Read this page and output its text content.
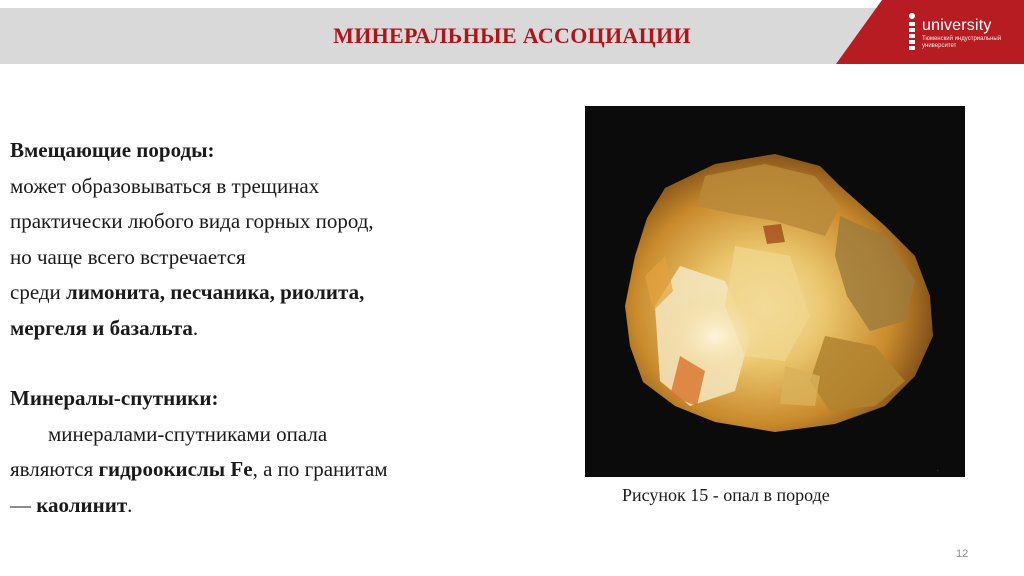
МИНЕРАЛЬНЫЕ АССОЦИАЦИИ	university
Тюменский индустриальный университет

Вмещающие породы:

может образовываться в трещинах

практически любого вида горных пород,

но чаще всего встречается

среди лимонита, песчаника, риолита,

мергеля и базальта.

Минералы-спутники:

минералами-спутниками опала

являются гидроокислы Fe, а по гранитам

— каолинит.

·
Рисунок 15 - опал в породе
12
